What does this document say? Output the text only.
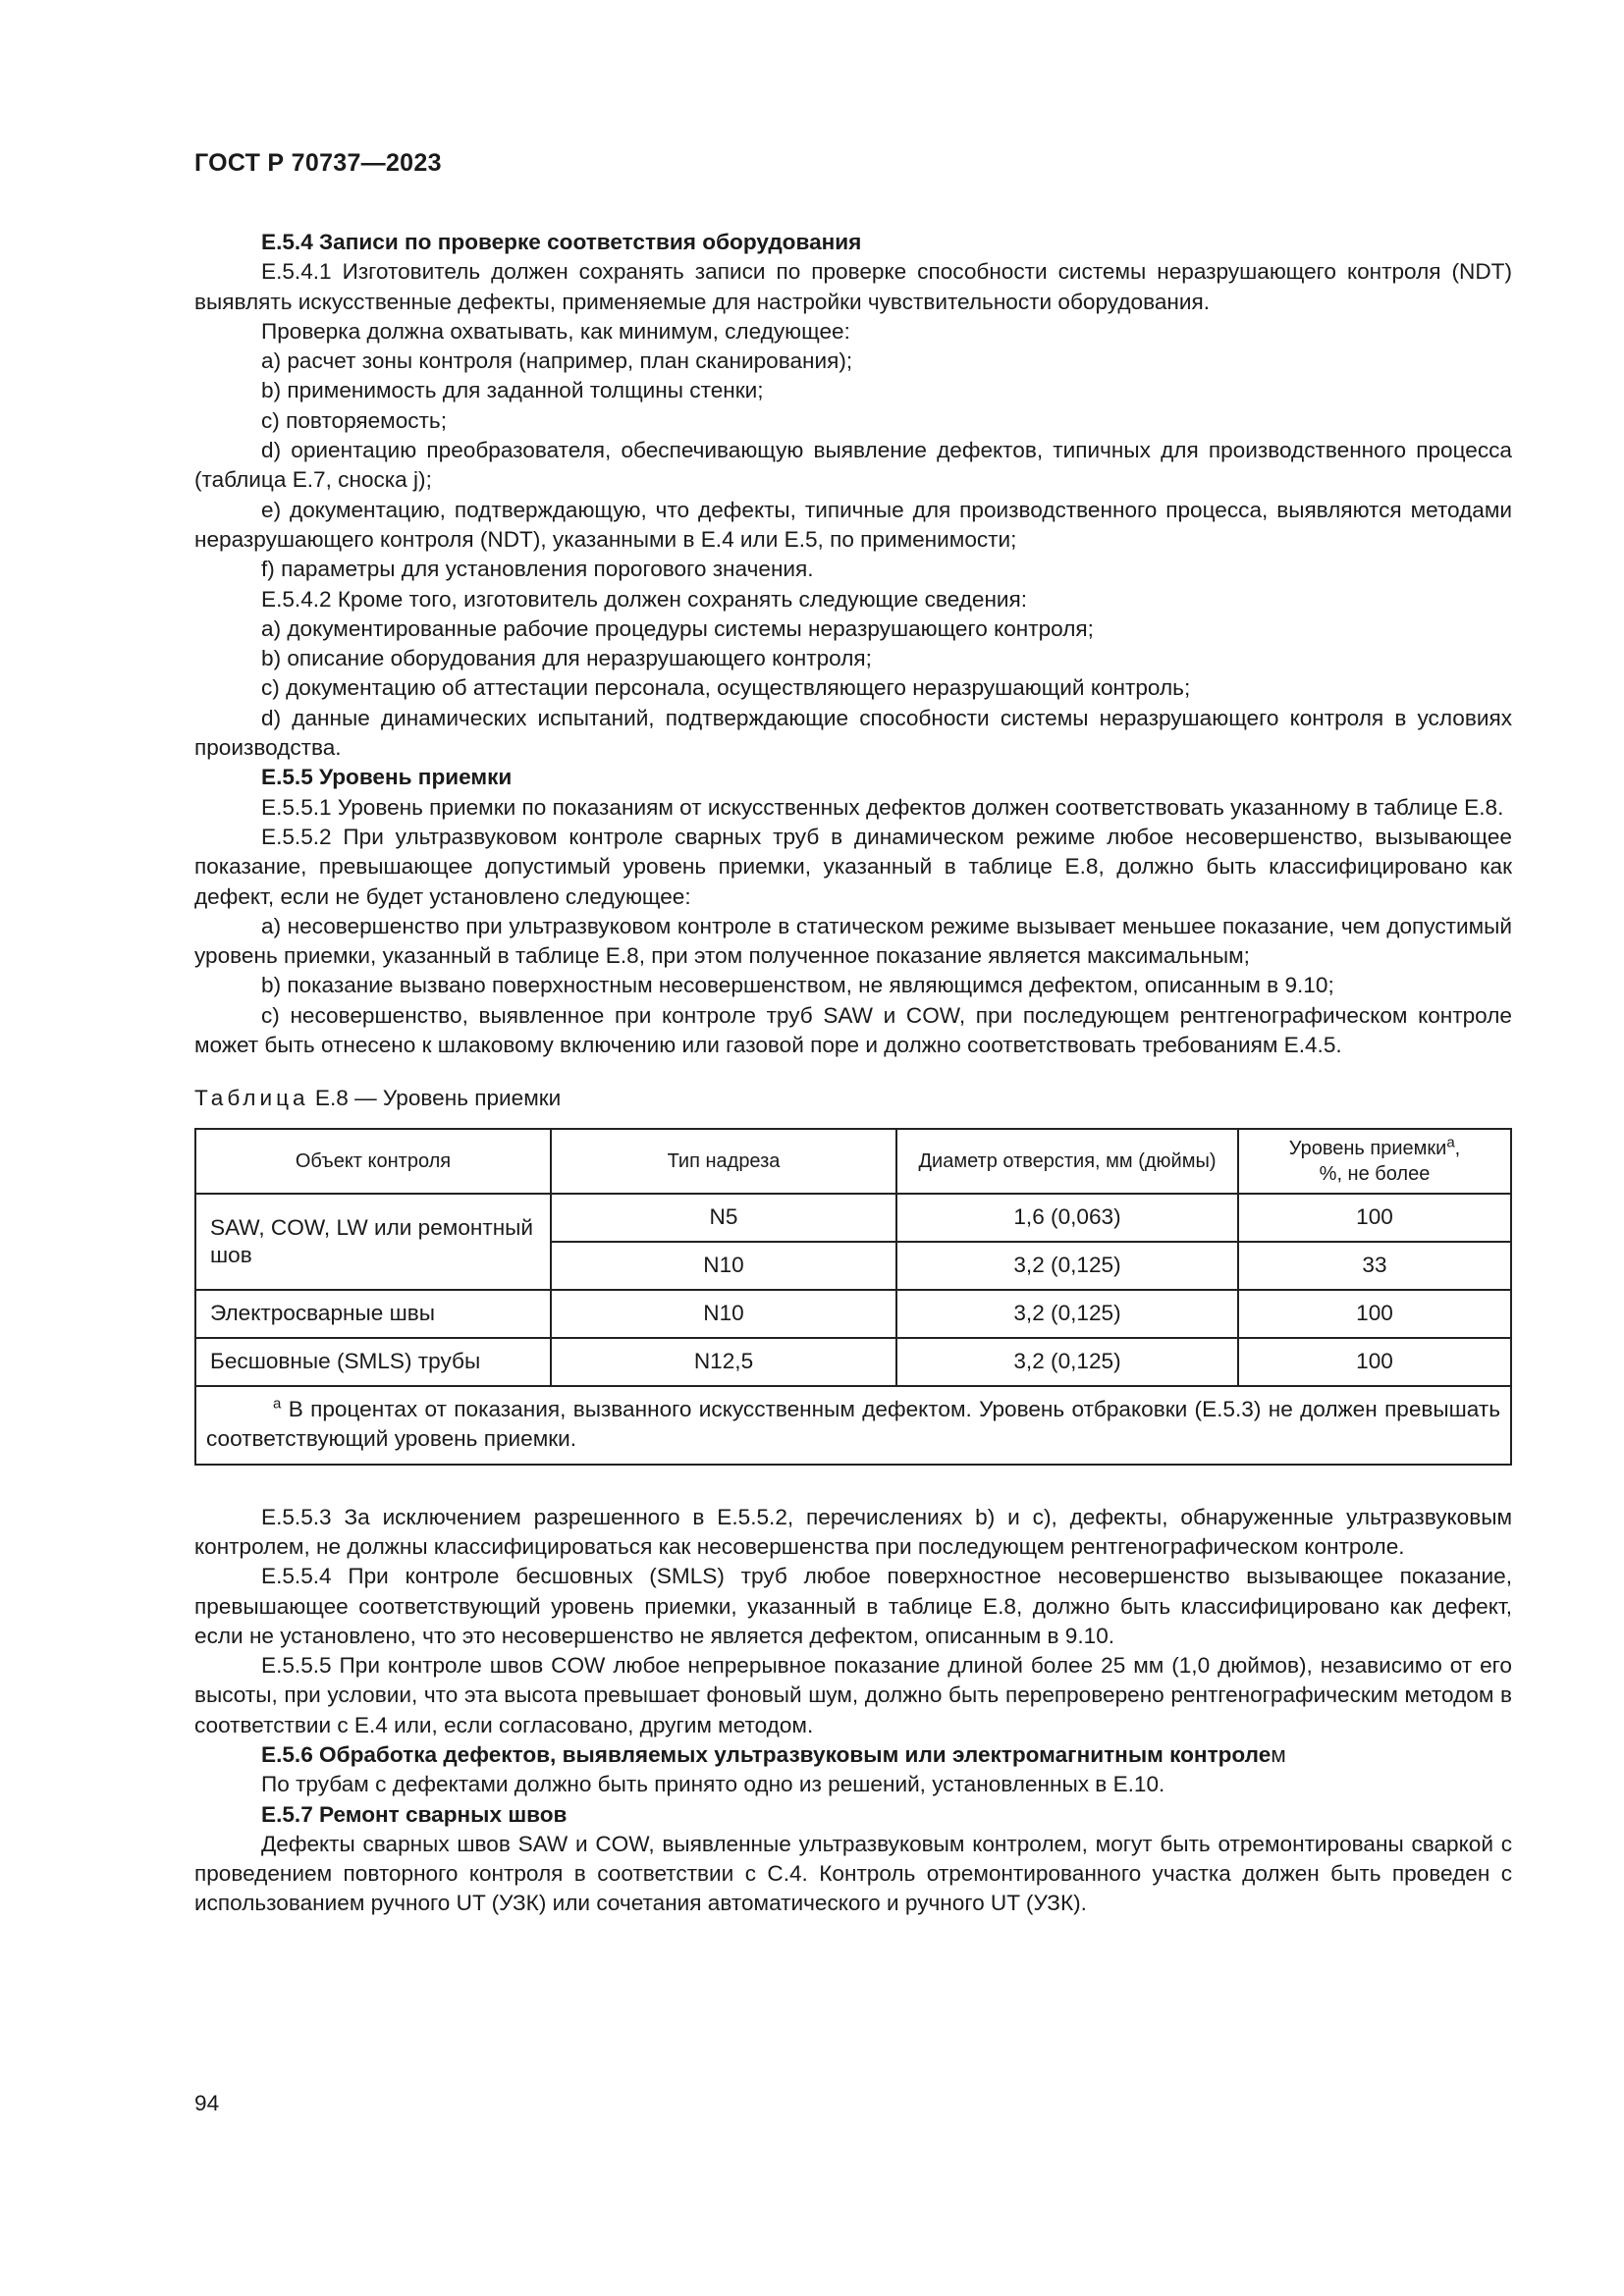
ГОСТ Р 70737—2023

Е.5.4 Записи по проверке соответствия оборудования

Е.5.4.1 Изготовитель должен сохранять записи по проверке способности системы неразрушающего контроля (NDT) выявлять искусственные дефекты, применяемые для настройки чувствительности оборудования.

Проверка должна охватывать, как минимум, следующее:

a) расчет зоны контроля (например, план сканирования);

b) применимость для заданной толщины стенки;

c) повторяемость;

d) ориентацию преобразователя, обеспечивающую выявление дефектов, типичных для производственного процесса (таблица Е.7, сноска j);

e) документацию, подтверждающую, что дефекты, типичные для производственного процесса, выявляются методами неразрушающего контроля (NDT), указанными в Е.4 или Е.5, по применимости;

f) параметры для установления порогового значения.

Е.5.4.2 Кроме того, изготовитель должен сохранять следующие сведения:

a) документированные рабочие процедуры системы неразрушающего контроля;

b) описание оборудования для неразрушающего контроля;

c) документацию об аттестации персонала, осуществляющего неразрушающий контроль;

d) данные динамических испытаний, подтверждающие способности системы неразрушающего контроля в условиях производства.

Е.5.5 Уровень приемки

Е.5.5.1 Уровень приемки по показаниям от искусственных дефектов должен соответствовать указанному в таблице Е.8.

Е.5.5.2 При ультразвуковом контроле сварных труб в динамическом режиме любое несовершенство, вызывающее показание, превышающее допустимый уровень приемки, указанный в таблице Е.8, должно быть классифицировано как дефект, если не будет установлено следующее:

a) несовершенство при ультразвуковом контроле в статическом режиме вызывает меньшее показание, чем допустимый уровень приемки, указанный в таблице Е.8, при этом полученное показание является максимальным;

b) показание вызвано поверхностным несовершенством, не являющимся дефектом, описанным в 9.10;

c) несовершенство, выявленное при контроле труб SAW и COW, при последующем рентгенографическом контроле может быть отнесено к шлаковому включению или газовой поре и должно соответствовать требованиям Е.4.5.

Таблица Е.8 — Уровень приемки

Объект контроля	Тип надреза	Диаметр отверстия, мм (дюймы)	Уровень приемки$^a$,
%, не более
SAW, COW, LW или ремонтный шов	N5	1,6 (0,063)	100
	N10	3,2 (0,125)	33
Электросварные швы	N10	3,2 (0,125)	100
Бесшовные (SMLS) трубы	N12,5	3,2 (0,125)	100
$^a$ В процентах от показания, вызванного искусственным дефектом. Уровень отбраковки (Е.5.3) не должен превышать соответствующий уровень приемки.			

Е.5.5.3 За исключением разрешенного в Е.5.5.2, перечислениях b) и c), дефекты, обнаруженные ультразвуковым контролем, не должны классифицироваться как несовершенства при последующем рентгенографическом контроле.

Е.5.5.4 При контроле бесшовных (SMLS) труб любое поверхностное несовершенство вызывающее показание, превышающее соответствующий уровень приемки, указанный в таблице Е.8, должно быть классифицировано как дефект, если не установлено, что это несовершенство не является дефектом, описанным в 9.10.

Е.5.5.5 При контроле швов COW любое непрерывное показание длиной более 25 мм (1,0 дюймов), независимо от его высоты, при условии, что эта высота превышает фоновый шум, должно быть перепроверено рентгенографическим методом в соответствии с Е.4 или, если согласовано, другим методом.

Е.5.6 Обработка дефектов, выявляемых ультразвуковым или электромагнитным контролем

По трубам с дефектами должно быть принято одно из решений, установленных в Е.10.

Е.5.7 Ремонт сварных швов

Дефекты сварных швов SAW и COW, выявленные ультразвуковым контролем, могут быть отремонтированы сваркой с проведением повторного контроля в соответствии с С.4. Контроль отремонтированного участка должен быть проведен с использованием ручного UT (УЗК) или сочетания автоматического и ручного UT (УЗК).

94
